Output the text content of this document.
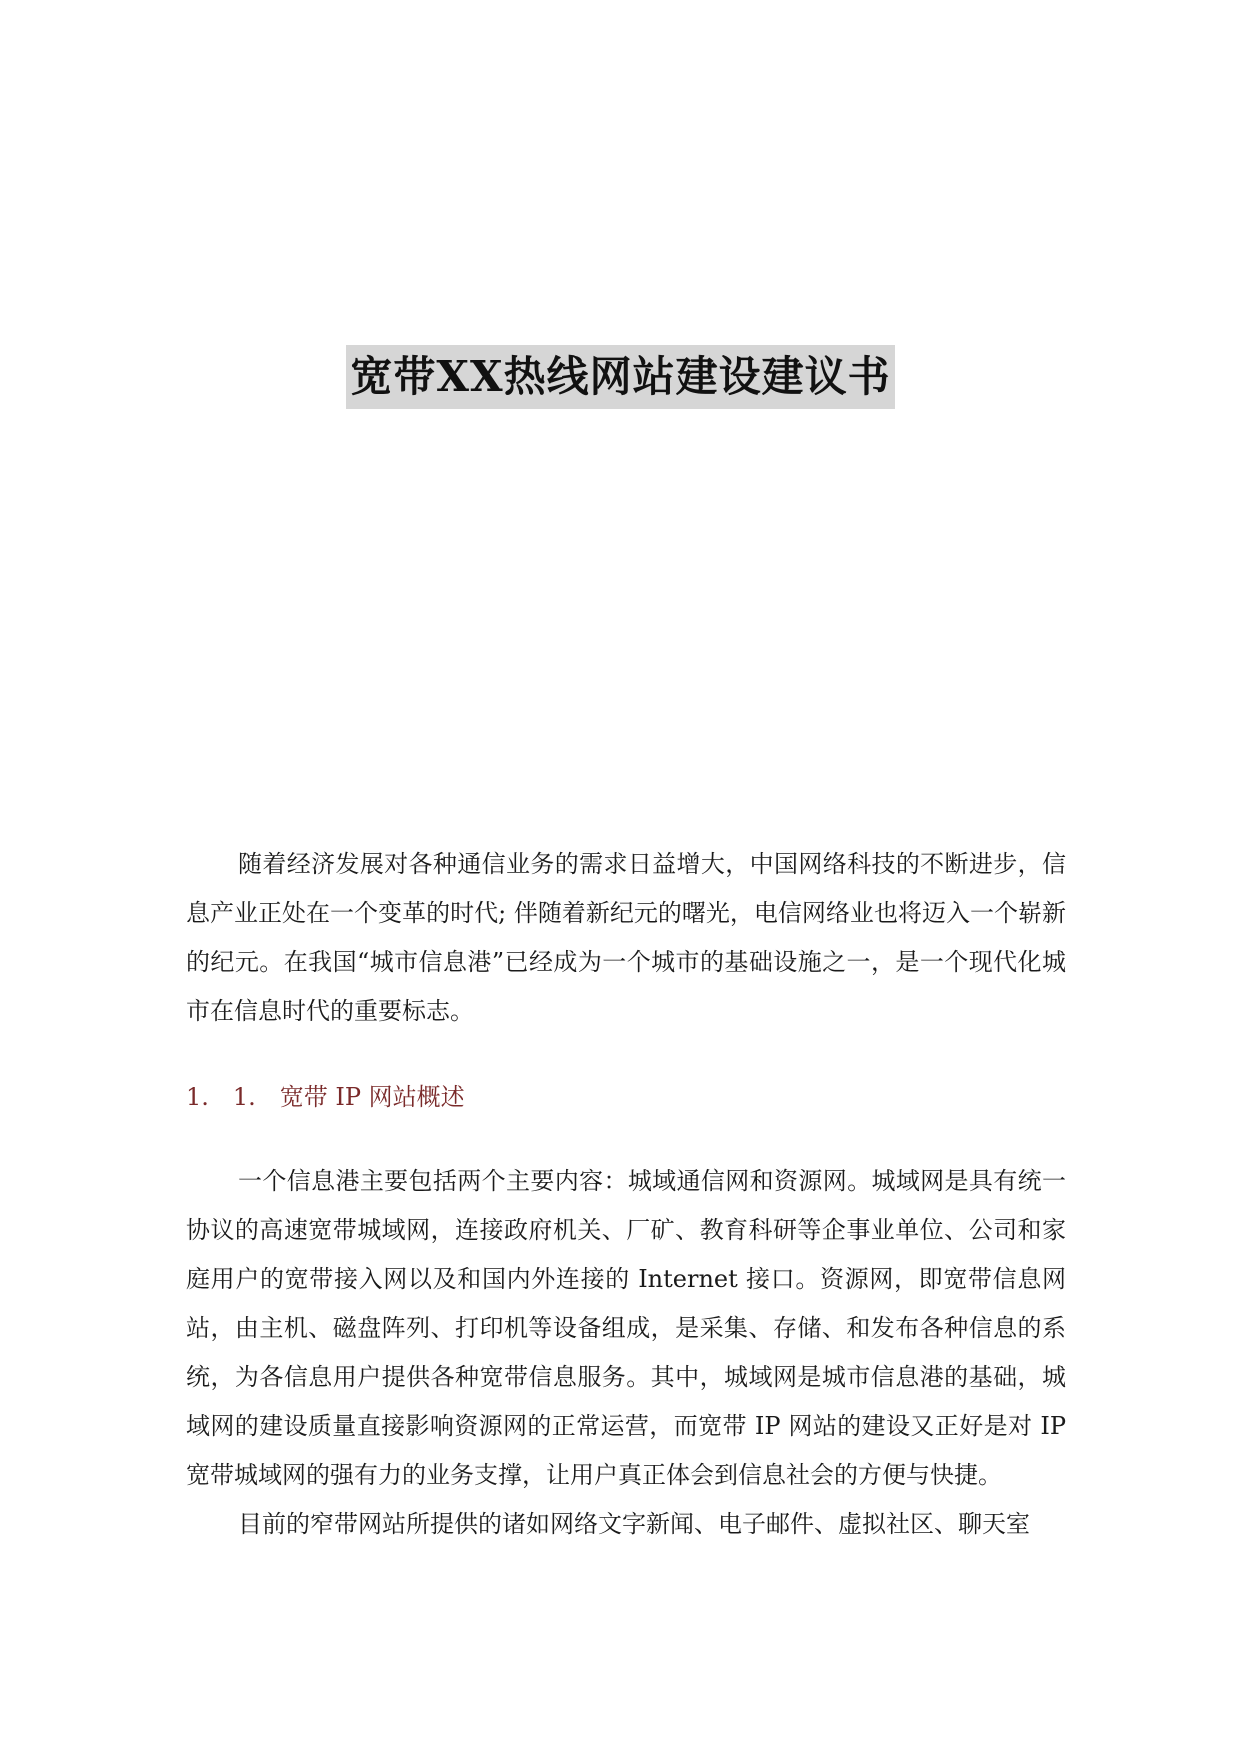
宽带XX热线网站建设建议书

随着经济发展对各种通信业务的需求日益增大，中国网络科技的不断进步，信息产业正处在一个变革的时代; 伴随着新纪元的曙光，电信网络业也将迈入一个崭新的纪元。在我国“城市信息港”已经成为一个城市的基础设施之一，是一个现代化城市在信息时代的重要标志。

1.　1.　宽带 IP 网站概述

一个信息港主要包括两个主要内容：城域通信网和资源网。城域网是具有统一协议的高速宽带城域网，连接政府机关、厂矿、教育科研等企事业单位、公司和家庭用户的宽带接入网以及和国内外连接的 Internet 接口。资源网，即宽带信息网站，由主机、磁盘阵列、打印机等设备组成，是采集、存储、和发布各种信息的系统，为各信息用户提供各种宽带信息服务。其中，城域网是城市信息港的基础，城域网的建设质量直接影响资源网的正常运营，而宽带 IP 网站的建设又正好是对 IP 宽带城域网的强有力的业务支撑，让用户真正体会到信息社会的方便与快捷。

目前的窄带网站所提供的诸如网络文字新闻、电子邮件、虚拟社区、聊天室
